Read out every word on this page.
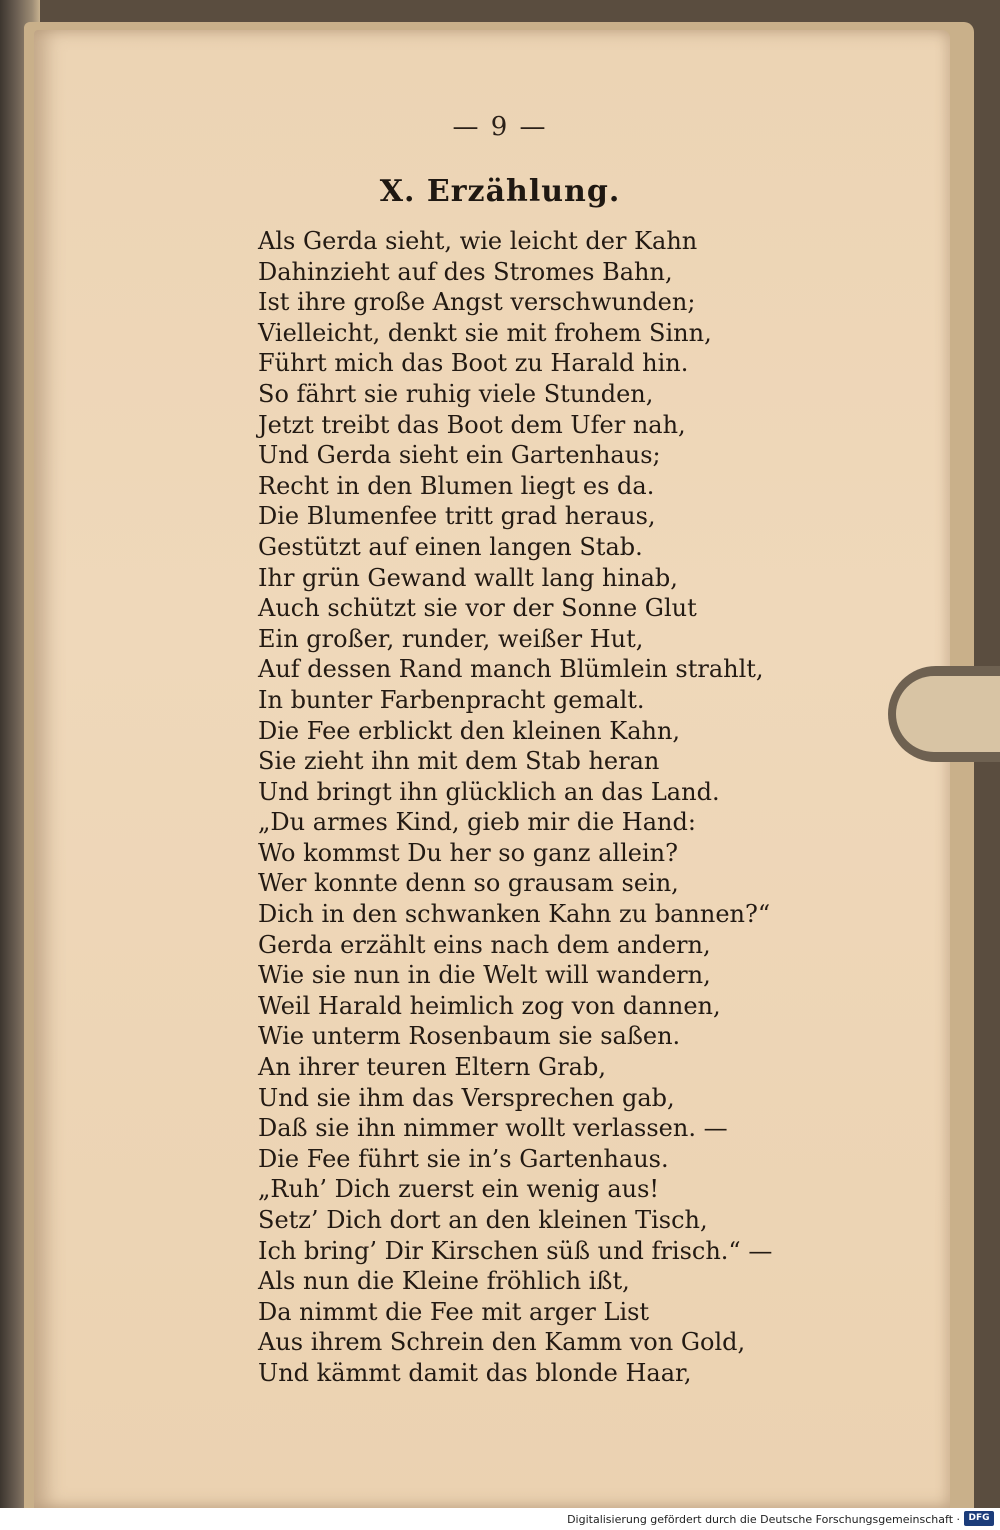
— 9 —
X. Erzählung.
Als Gerda sieht, wie leicht der Kahn
Dahinzieht auf des Stromes Bahn,
Ist ihre große Angst verschwunden;
Vielleicht, denkt sie mit frohem Sinn,
Führt mich das Boot zu Harald hin.
So fährt sie ruhig viele Stunden,
Jetzt treibt das Boot dem Ufer nah,
Und Gerda sieht ein Gartenhaus;
Recht in den Blumen liegt es da.
Die Blumenfee tritt grad heraus,
Gestützt auf einen langen Stab.
Ihr grün Gewand wallt lang hinab,
Auch schützt sie vor der Sonne Glut
Ein großer, runder, weißer Hut,
Auf dessen Rand manch Blümlein strahlt,
In bunter Farbenpracht gemalt.
Die Fee erblickt den kleinen Kahn,
Sie zieht ihn mit dem Stab heran
Und bringt ihn glücklich an das Land.
„Du armes Kind, gieb mir die Hand:
Wo kommst Du her so ganz allein?
Wer konnte denn so grausam sein,
Dich in den schwanken Kahn zu bannen?“
Gerda erzählt eins nach dem andern,
Wie sie nun in die Welt will wandern,
Weil Harald heimlich zog von dannen,
Wie unterm Rosenbaum sie saßen.
An ihrer teuren Eltern Grab,
Und sie ihm das Versprechen gab,
Daß sie ihn nimmer wollt verlassen. —
Die Fee führt sie in’s Gartenhaus.
„Ruh’ Dich zuerst ein wenig aus!
Setz’ Dich dort an den kleinen Tisch,
Ich bring’ Dir Kirschen süß und frisch.“ —
Als nun die Kleine fröhlich ißt,
Da nimmt die Fee mit arger List
Aus ihrem Schrein den Kamm von Gold,
Und kämmt damit das blonde Haar,
Digitalisierung gefördert durch die Deutsche Forschungsgemeinschaft · DFG
